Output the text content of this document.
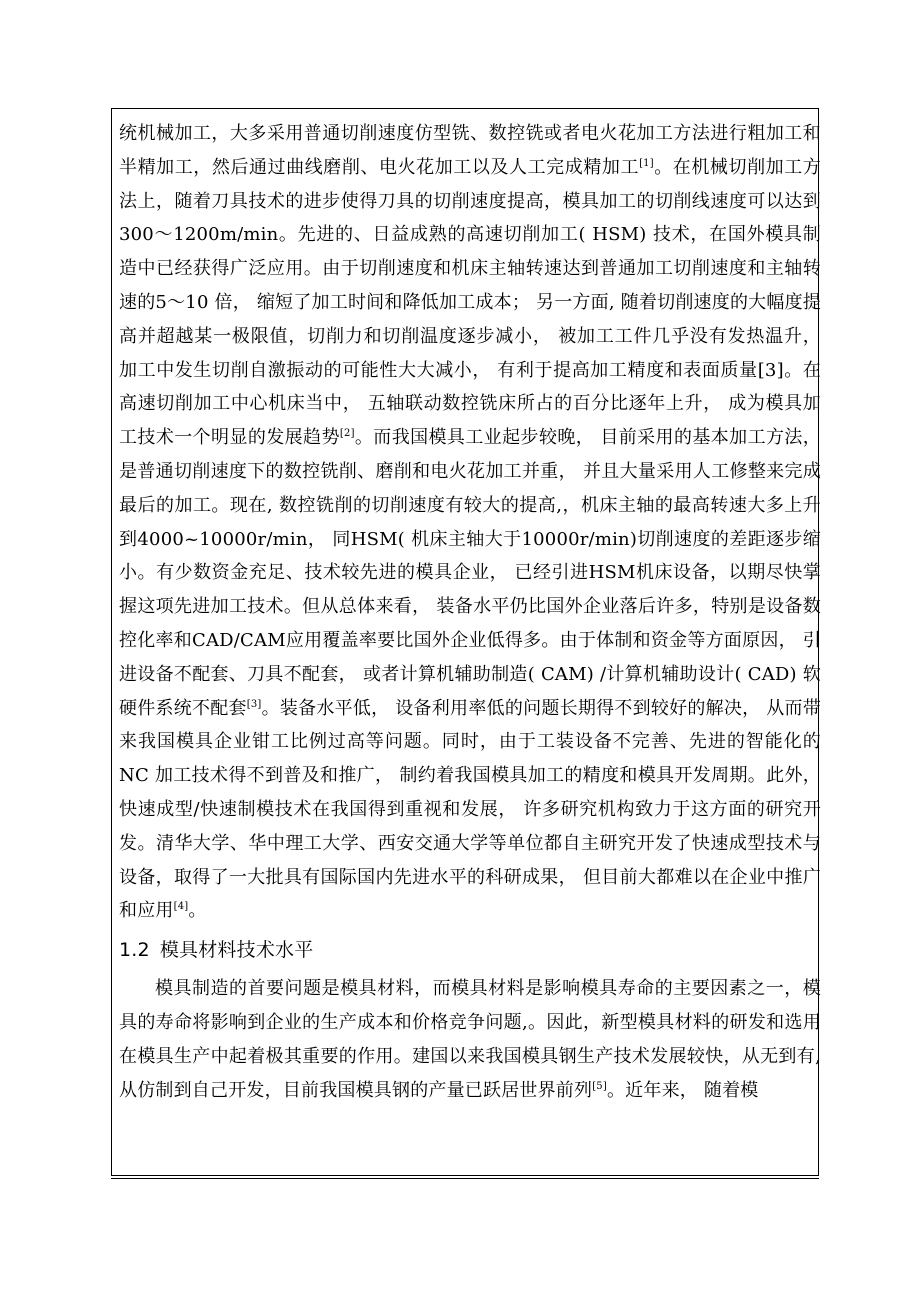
统机械加工，大多采用普通切削速度仿型铣、数控铣或者电火花加工方法进行粗加工和半精加工，然后通过曲线磨削、电火花加工以及人工完成精加工[1]。在机械切削加工方法上，随着刀具技术的进步使得刀具的切削速度提高，模具加工的切削线速度可以达到300～1200m/min。先进的、日益成熟的高速切削加工( HSM) 技术，在国外模具制造中已经获得广泛应用。由于切削速度和机床主轴转速达到普通加工切削速度和主轴转速的5～10 倍， 缩短了加工时间和降低加工成本； 另一方面, 随着切削速度的大幅度提高并超越某一极限值，切削力和切削温度逐步减小， 被加工工件几乎没有发热温升， 加工中发生切削自激振动的可能性大大减小， 有利于提高加工精度和表面质量[3]。在高速切削加工中心机床当中， 五轴联动数控铣床所占的百分比逐年上升， 成为模具加工技术一个明显的发展趋势[2]。而我国模具工业起步较晚， 目前采用的基本加工方法， 是普通切削速度下的数控铣削、磨削和电火花加工并重， 并且大量采用人工修整来完成最后的加工。现在, 数控铣削的切削速度有较大的提高,，机床主轴的最高转速大多上升到4000~10000r/min， 同HSM( 机床主轴大于10000r/min)切削速度的差距逐步缩小。有少数资金充足、技术较先进的模具企业， 已经引进HSM机床设备，以期尽快掌握这项先进加工技术。但从总体来看， 装备水平仍比国外企业落后许多，特别是设备数控化率和CAD/CAM应用覆盖率要比国外企业低得多。由于体制和资金等方面原因， 引进设备不配套、刀具不配套， 或者计算机辅助制造( CAM) /计算机辅助设计( CAD) 软硬件系统不配套[3]。装备水平低， 设备利用率低的问题长期得不到较好的解决， 从而带来我国模具企业钳工比例过高等问题。同时，由于工装设备不完善、先进的智能化的NC 加工技术得不到普及和推广， 制约着我国模具加工的精度和模具开发周期。此外，快速成型/快速制模技术在我国得到重视和发展， 许多研究机构致力于这方面的研究开发。清华大学、华中理工大学、西安交通大学等单位都自主研究开发了快速成型技术与设备，取得了一大批具有国际国内先进水平的科研成果， 但目前大都难以在企业中推广和应用[4]。

1.2 模具材料技术水平

模具制造的首要问题是模具材料，而模具材料是影响模具寿命的主要因素之一，模具的寿命将影响到企业的生产成本和价格竞争问题,。因此，新型模具材料的研发和选用在模具生产中起着极其重要的作用。建国以来我国模具钢生产技术发展较快，从无到有,从仿制到自己开发，目前我国模具钢的产量已跃居世界前列[5]。近年来， 随着模
